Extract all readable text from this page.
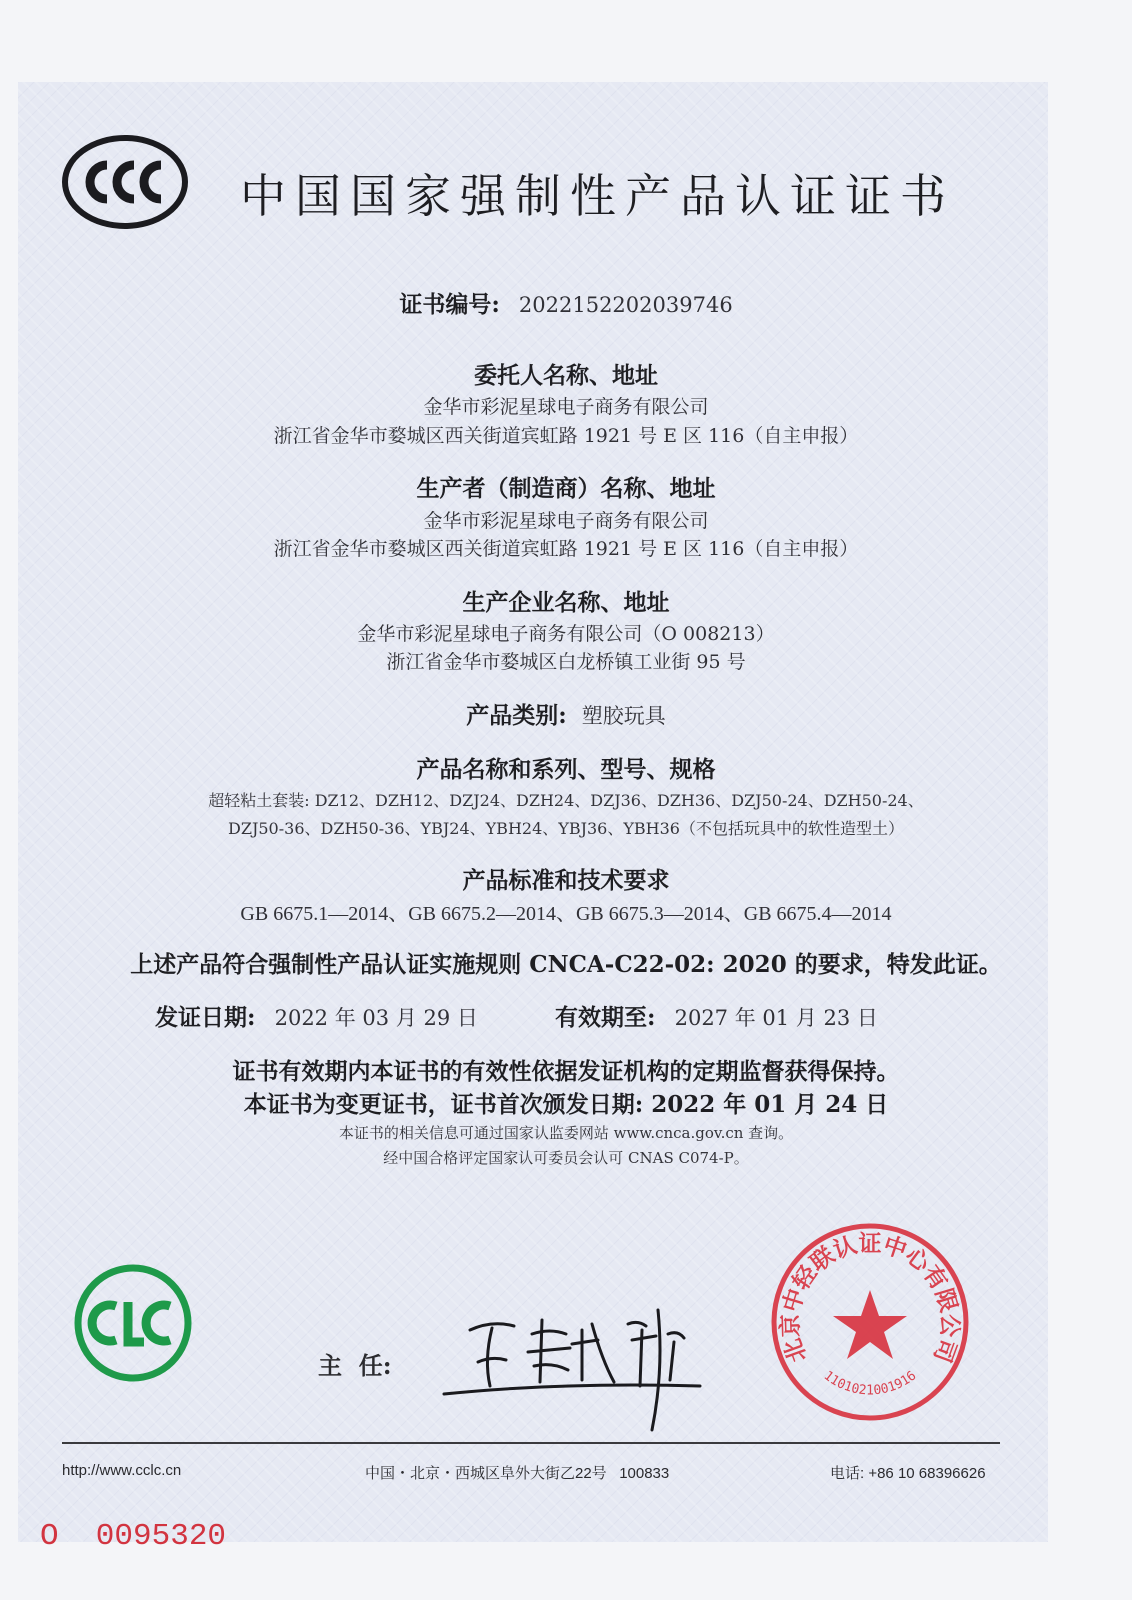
中国国家强制性产品认证证书
证书编号: 2022152202039746
委托人名称、地址
金华市彩泥星球电子商务有限公司
浙江省金华市婺城区西关街道宾虹路 1921 号 E 区 116（自主申报）
生产者（制造商）名称、地址
金华市彩泥星球电子商务有限公司
浙江省金华市婺城区西关街道宾虹路 1921 号 E 区 116（自主申报）
生产企业名称、地址
金华市彩泥星球电子商务有限公司（O 008213）
浙江省金华市婺城区白龙桥镇工业街 95 号
产品类别: 塑胶玩具
产品名称和系列、型号、规格
超轻粘土套装: DZ12、DZH12、DZJ24、DZH24、DZJ36、DZH36、DZJ50-24、DZH50-24、
DZJ50-36、DZH50-36、YBJ24、YBH24、YBJ36、YBH36（不包括玩具中的软性造型土）
产品标准和技术要求
GB 6675.1—2014、GB 6675.2—2014、GB 6675.3—2014、GB 6675.4—2014
上述产品符合强制性产品认证实施规则 CNCA-C22-02: 2020 的要求，特发此证。
发证日期: 2022 年 03 月 29 日	有效期至: 2027 年 01 月 23 日
证书有效期内本证书的有效性依据发证机构的定期监督获得保持。
本证书为变更证书，证书首次颁发日期: 2022 年 01 月 24 日
本证书的相关信息可通过国家认监委网站 www.cnca.gov.cn 查询。
经中国合格评定国家认可委员会认可 CNAS C074-P。
主  任:	北京中轻联认证中心有限公司
1101021001916
http://www.cclc.cn	中国・北京・西城区阜外大街乙22号   100833	电话: +86 10 68396626
O  0095320
